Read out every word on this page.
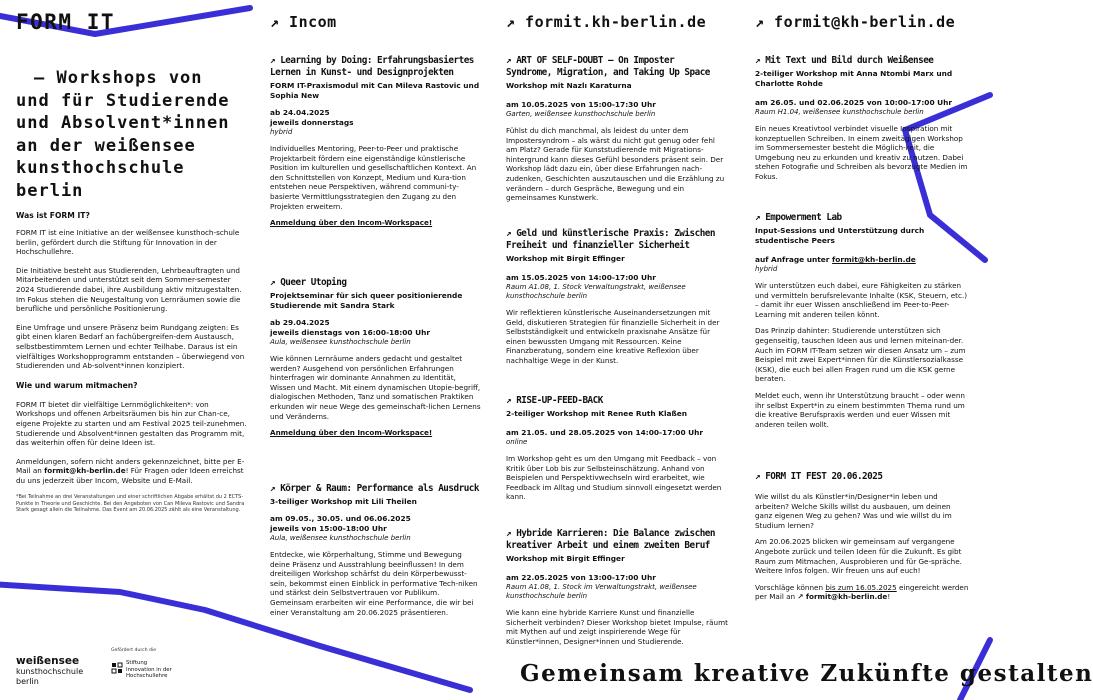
FORM IT
– Workshops von
und für Studierende
und Absolvent*innen
an der weißensee
kunsthochschule berlin
Was ist FORM IT?

FORM IT ist eine Initiative an der weißensee kunsthoch-schule berlin, gefördert durch die Stiftung für Innovation in der Hochschullehre.

Die Initiative besteht aus Studierenden, Lehrbeauftragten und Mitarbeitenden und unterstützt seit dem Sommer-semester 2024 Studierende dabei, ihre Ausbildung aktiv mitzugestalten. Im Fokus stehen die Neugestaltung von Lernräumen sowie die berufliche und persönliche Positionierung.

Eine Umfrage und unsere Präsenz beim Rundgang zeigten: Es gibt einen klaren Bedarf an fachübergreifen-dem Austausch, selbstbestimmtem Lernen und echter Teilhabe. Daraus ist ein vielfältiges Workshopprogramm entstanden – überwiegend von Studierenden und Ab-solvent*innen konzipiert.

Wie und warum mitmachen?

FORM IT bietet dir vielfältige Lernmöglichkeiten*: von Workshops und offenen Arbeitsräumen bis hin zur Chan-ce, eigene Projekte zu starten und am Festival 2025 teil-zunehmen. Studierende und Absolvent*innen gestalten das Programm mit, das weiterhin offen für deine Ideen ist.

Anmeldungen, sofern nicht anders gekennzeichnet, bitte per E-Mail an formit@kh-berlin.de! Für Fragen oder Ideen erreichst du uns jederzeit über Incom, Website und E-Mail.

*Bei Teilnahme an drei Veranstaltungen und einer schriftlichen Abgabe erhältst du 2 ECTS-Punkte in Theorie und Geschichte. Bei den Angeboten von Can Mileva Rastovic und Sandra Stark gesagt allein die Teilnahme. Das Event am 20.06.2025 zählt als eine Veranstaltung.

weißensee
kunsthochschule
berlin
Gefördert durch die
Stiftung
Innovation in der
Hochschullehre
↗ Incom
↗ Learning by Doing: Erfahrungsbasiertes
Lernen in Kunst- und Designprojekten
FORM IT-Praxismodul mit Can Mileva Rastovic und Sophia New
ab 24.04.2025
jeweils donnerstags
hybrid

Individuelles Mentoring, Peer-to-Peer und praktische Projektarbeit fördern eine eigenständige künstlerische Position im kulturellen und gesellschaftlichen Kontext. An den Schnittstellen von Konzept, Medium und Kura-tion entstehen neue Perspektiven, während communi-ty-basierte Vermittlungsstrategien den Zugang zu den Projekten erweitern.

Anmeldung über den Incom-Workspace!
↗ Queer Utoping
Projektseminar für sich queer positionierende Studierende mit Sandra Stark
ab 29.04.2025
jeweils dienstags von 16:00-18:00 Uhr
Aula, weißensee kunsthochschule berlin

Wie können Lernräume anders gedacht und gestaltet werden? Ausgehend von persönlichen Erfahrungen hinterfragen wir dominante Annahmen zu Identität, Wissen und Macht. Mit einem dynamischen Utopie-begriff, dialogischen Methoden, Tanz und somatischen Praktiken erkunden wir neue Wege des gemeinschaft-lichen Lernens und Veränderns.

Anmeldung über den Incom-Workspace!
↗ Körper & Raum: Performance als Ausdruck
3-teiliger Workshop mit Lili Theilen
am 09.05., 30.05. und 06.06.2025
jeweils von 15:00-18:00 Uhr
Aula, weißensee kunsthochschule berlin

Entdecke, wie Körperhaltung, Stimme und Bewegung deine Präsenz und Ausstrahlung beeinflussen! In dem dreiteiligen Workshop schärfst du dein Körperbewusst-sein, bekommst einen Einblick in performative Tech-niken und stärkst dein Selbstvertrauen vor Publikum. Gemeinsam erarbeiten wir eine Performance, die wir bei einer Veranstaltung am 20.06.2025 präsentieren.

↗ formit.kh-berlin.de
↗ ART OF SELF-DOUBT – On Imposter
Syndrome, Migration, and Taking Up Space
Workshop mit Nazlı Karaturna
am 10.05.2025 von 15:00-17:30 Uhr
Garten, weißensee kunsthochschule berlin

Fühlst du dich manchmal, als leidest du unter dem Impostersyndrom – als wärst du nicht gut genug oder fehl am Platz? Gerade für Kunststudierende mit Migrations-hintergrund kann dieses Gefühl besonders präsent sein. Der Workshop lädt dazu ein, über diese Erfahrungen nach-zudenken, Geschichten auszutauschen und die Erzählung zu verändern – durch Gespräche, Bewegung und ein gemeinsames Kunstwerk.

↗ Geld und künstlerische Praxis: Zwischen
Freiheit und finanzieller Sicherheit
Workshop mit Birgit Effinger
am 15.05.2025 von 14:00-17:00 Uhr
Raum A1.08, 1. Stock Verwaltungstrakt, weißensee kunsthochschule berlin

Wir reflektieren künstlerische Auseinandersetzungen mit Geld, diskutieren Strategien für finanzielle Sicherheit in der Selbstständigkeit und entwickeln praxisnahe Ansätze für einen bewussten Umgang mit Ressourcen. Keine Finanzberatung, sondern eine kreative Reflexion über nachhaltige Wege in der Kunst.

↗ RISE-UP-FEED-BACK
2-teiliger Workshop mit Renee Ruth Klaßen
am 21.05. und 28.05.2025 von 14:00-17:00 Uhr
online

Im Workshop geht es um den Umgang mit Feedback – von Kritik über Lob bis zur Selbsteinschätzung. Anhand von Beispielen und Perspektivwechseln wird erarbeitet, wie Feedback im Alltag und Studium sinnvoll eingesetzt werden kann.

↗ Hybride Karrieren: Die Balance zwischen
kreativer Arbeit und einem zweiten Beruf
Workshop mit Birgit Effinger
am 22.05.2025 von 13:00-17:00 Uhr
Raum A1.08, 1. Stock im Verwaltungstrakt, weißensee kunsthochschule berlin

Wie kann eine hybride Karriere Kunst und finanzielle Sicherheit verbinden? Dieser Workshop bietet Impulse, räumt mit Mythen auf und zeigt inspirierende Wege für Künstler*innen, Designer*innen und Studierende.

↗ formit@kh-berlin.de
↗ Mit Text und Bild durch Weißensee
2-teiliger Workshop mit Anna Ntombi Marx und Charlotte Rohde
am 26.05. und 02.06.2025 von 10:00-17:00 Uhr
Raum H1.04, weißensee kunsthochschule berlin

Ein neues Kreativtool verbindet visuelle Inspiration mit konzeptuellen Schreiben. In einem zweitägigen Workshop im Sommersemester besteht die Möglich-keit, die Umgebung neu zu erkunden und kreativ zu nutzen. Dabei stehen Fotografie und Schreiben als bevorzugte Medien im Fokus.

↗ Empowerment Lab
Input-Sessions und Unterstützung durch studentische Peers
auf Anfrage unter formit@kh-berlin.de
hybrid

Wir unterstützen euch dabei, eure Fähigkeiten zu stärken und vermitteln berufsrelevante Inhalte (KSK, Steuern, etc.) – damit ihr euer Wissen anschließend im Peer-to-Peer-Learning mit anderen teilen könnt.

Das Prinzip dahinter: Studierende unterstützen sich gegenseitig, tauschen Ideen aus und lernen miteinan-der. Auch im FORM IT-Team setzen wir diesen Ansatz um – zum Beispiel mit zwei Expert*innen für die Künstlersozialkasse (KSK), die euch bei allen Fragen rund um die KSK gerne beraten.

Meldet euch, wenn ihr Unterstützung braucht – oder wenn ihr selbst Expert*in zu einem bestimmten Thema rund um die kreative Berufspraxis werden und euer Wissen mit anderen teilen wollt.

↗ FORM IT FEST 20.06.2025

Wie willst du als Künstler*in/Designer*in leben und arbeiten? Welche Skills willst du ausbauen, um deinen ganz eigenen Weg zu gehen? Was und wie willst du im Studium lernen?

Am 20.06.2025 blicken wir gemeinsam auf vergangene Angebote zurück und teilen Ideen für die Zukunft. Es gibt Raum zum Mitmachen, Ausprobieren und für Ge-spräche. Weitere Infos folgen. Wir freuen uns auf euch!

Vorschläge können bis zum 16.05.2025 eingereicht werden per Mail an ↗ formit@kh-berlin.de!

Gemeinsam kreative Zukünfte gestalten
